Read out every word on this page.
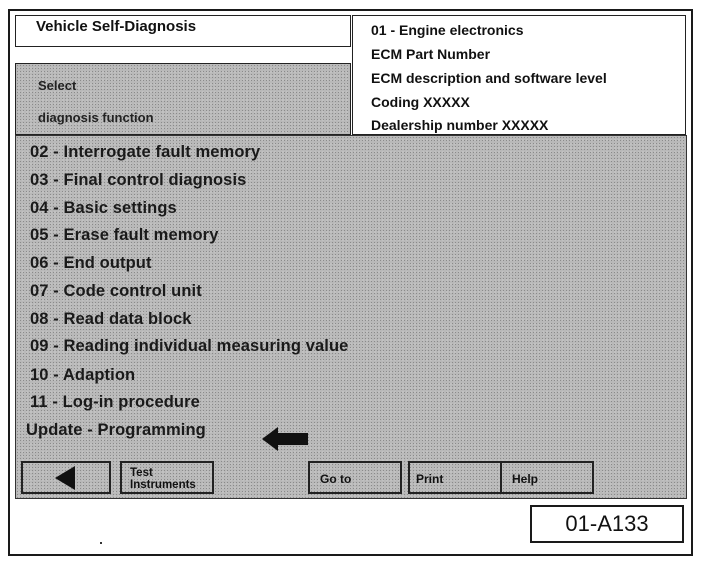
Vehicle Self-Diagnosis
Select
diagnosis function
01 - Engine electronics
ECM Part Number
ECM description and software level
Coding XXXXX
Dealership number XXXXX
02 - Interrogate fault memory
03 - Final control diagnosis
04 - Basic settings
05 - Erase fault memory
06 - End output
07 - Code control unit
08 - Read data block
09 - Reading individual measuring value
10 - Adaption
11 - Log-in procedure
Update - Programming
Test
Instruments	Go to	Print	Help
01-A133
